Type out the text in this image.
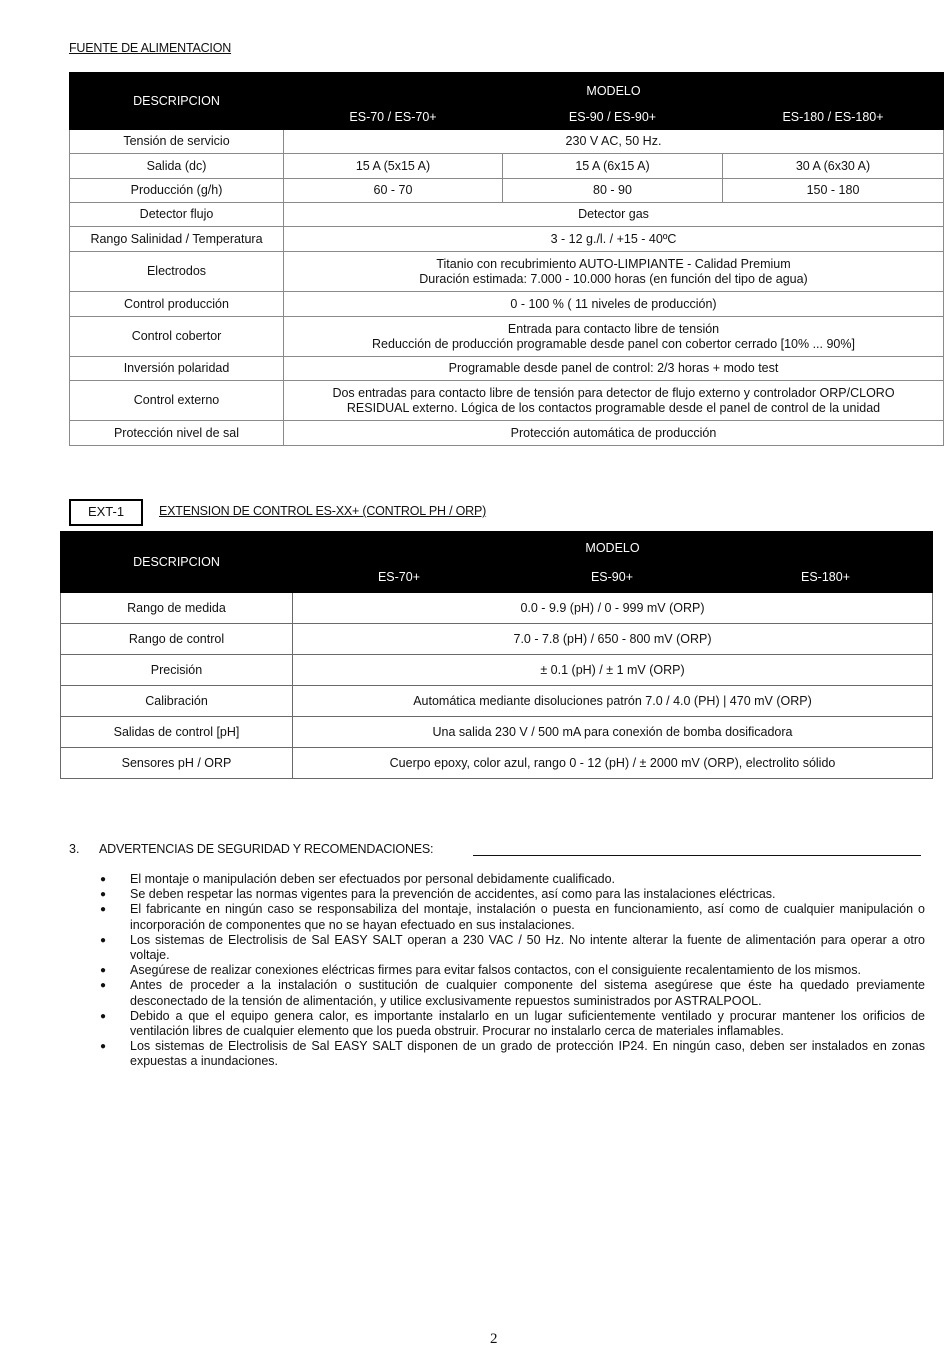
FUENTE DE ALIMENTACION
DESCRIPCION	MODELO		
	ES-70 / ES-70+	ES-90 / ES-90+	ES-180 / ES-180+
Tensión de servicio	230 V AC, 50 Hz.		
Salida (dc)	15 A (5x15 A)	15 A (6x15 A)	30 A (6x30 A)
Producción (g/h)	60 - 70	80 - 90	150 - 180
Detector flujo	Detector gas		
Rango Salinidad / Temperatura	3 - 12 g./l. / +15 - 40ºC		
Electrodos	Titanio con recubrimiento AUTO-LIMPIANTE - Calidad Premium
Duración estimada: 7.000 - 10.000 horas (en función del tipo de agua)		

Control producción	0 - 100 % ( 11 niveles de producción)		
Control cobertor	Entrada para contacto libre de tensión
Reducción de producción programable desde panel con cobertor cerrado [10% ... 90%]		

Inversión polaridad	Programable desde panel de control: 2/3 horas + modo test		
Control externo	Dos entradas para contacto libre de tensión para detector de flujo externo y controlador ORP/CLORO
RESIDUAL externo. Lógica de los contactos programable desde el panel de control de la unidad		

Protección nivel de sal	Protección automática de producción		
EXT-1	EXTENSION DE CONTROL ES-XX+ (CONTROL PH / ORP)
DESCRIPCION	MODELO		
	ES-70+	ES-90+	ES-180+
Rango de medida	0.0 - 9.9 (pH) / 0 - 999 mV (ORP)		
Rango de control	7.0 - 7.8 (pH) / 650 - 800 mV (ORP)		
Precisión	± 0.1 (pH) / ± 1 mV (ORP)		
Calibración	Automática mediante disoluciones patrón 7.0 / 4.0 (PH) | 470 mV (ORP)		
Salidas de control [pH]	Una salida 230 V / 500 mA para conexión de bomba dosificadora		
Sensores pH / ORP	Cuerpo epoxy, color azul, rango 0 - 12 (pH) / ± 2000 mV (ORP), electrolito sólido		
3. ADVERTENCIAS DE SEGURIDAD Y RECOMENDACIONES:
● El montaje o manipulación deben ser efectuados por personal debidamente cualificado.
● Se deben respetar las normas vigentes para la prevención de accidentes, así como para las instalaciones eléctricas.
● El fabricante en ningún caso se responsabiliza del montaje, instalación o puesta en funcionamiento, así como de cualquier manipulación o incorporación de componentes que no se hayan efectuado en sus instalaciones.
● Los sistemas de Electrolisis de Sal EASY SALT operan a 230 VAC / 50 Hz. No intente alterar la fuente de alimentación para operar a otro voltaje.
● Asegúrese de realizar conexiones eléctricas firmes para evitar falsos contactos, con el consiguiente recalentamiento de los mismos.
● Antes de proceder a la instalación o sustitución de cualquier componente del sistema asegúrese que éste ha quedado previamente desconectado de la tensión de alimentación, y utilice exclusivamente repuestos suministrados por ASTRALPOOL.
● Debido a que el equipo genera calor, es importante instalarlo en un lugar suficientemente ventilado y procurar mantener los orificios de ventilación libres de cualquier elemento que los pueda obstruir. Procurar no instalarlo cerca de materiales inflamables.
● Los sistemas de Electrolisis de Sal EASY SALT disponen de un grado de protección IP24. En ningún caso, deben ser instalados en zonas expuestas a inundaciones.
2
